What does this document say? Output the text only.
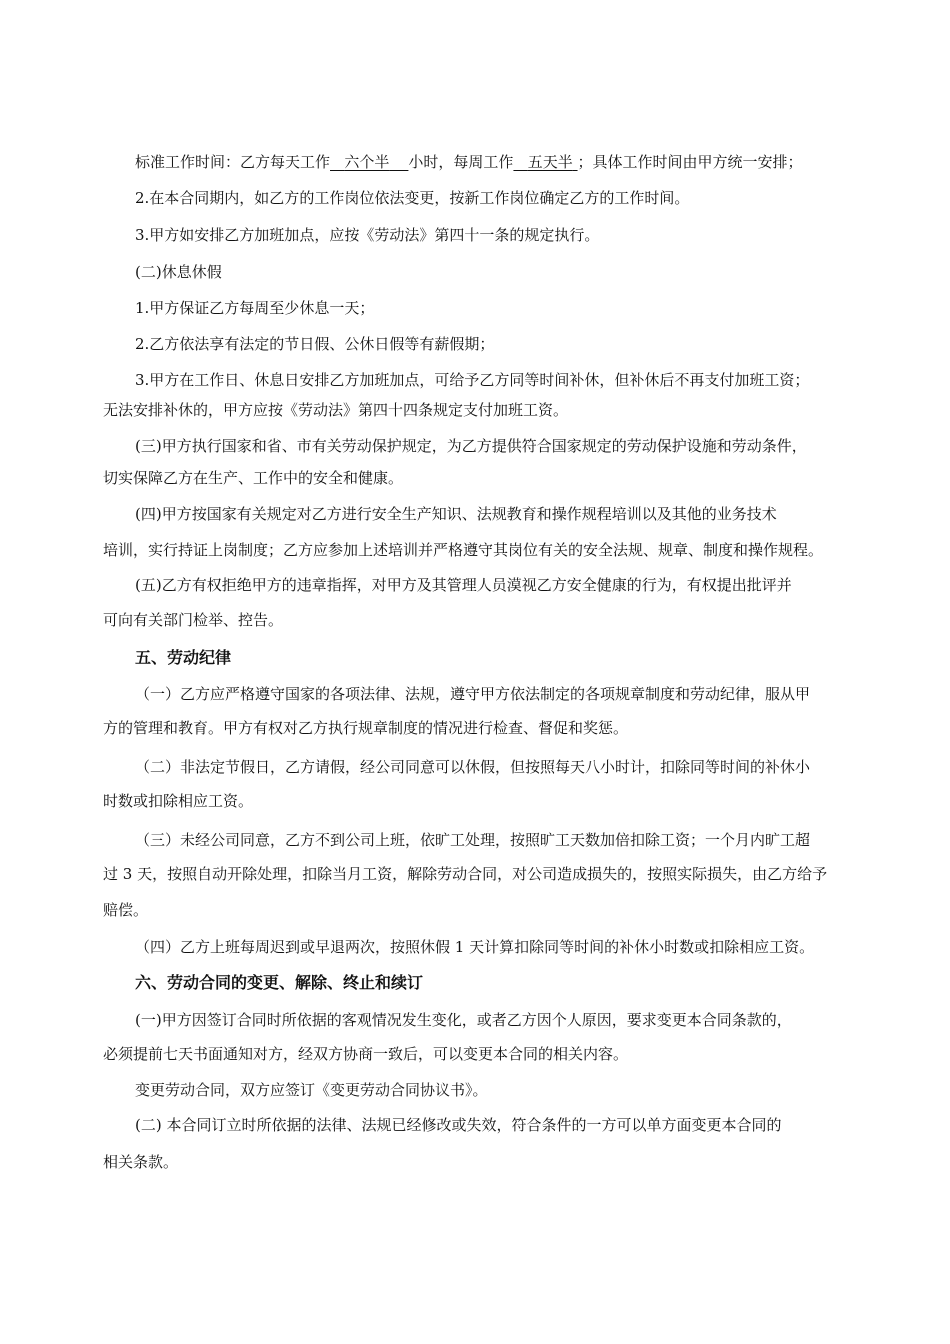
标准工作时间：乙方每天工作 六个半 小时，每周工作 五天半 ；具体工作时间由甲方统一安排；
2.在本合同期内，如乙方的工作岗位依法变更，按新工作岗位确定乙方的工作时间。
3.甲方如安排乙方加班加点，应按《劳动法》第四十一条的规定执行。
(二)休息休假
1.甲方保证乙方每周至少休息一天；
2.乙方依法享有法定的节日假、公休日假等有薪假期；
3.甲方在工作日、休息日安排乙方加班加点，可给予乙方同等时间补休，但补休后不再支付加班工资；
无法安排补休的，甲方应按《劳动法》第四十四条规定支付加班工资。
(三)甲方执行国家和省、市有关劳动保护规定，为乙方提供符合国家规定的劳动保护设施和劳动条件，
切实保障乙方在生产、工作中的安全和健康。
(四)甲方按国家有关规定对乙方进行安全生产知识、法规教育和操作规程培训以及其他的业务技术
培训，实行持证上岗制度；乙方应参加上述培训并严格遵守其岗位有关的安全法规、规章、制度和操作规程。
(五)乙方有权拒绝甲方的违章指挥，对甲方及其管理人员漠视乙方安全健康的行为，有权提出批评并
可向有关部门检举、控告。
五、劳动纪律
（一）乙方应严格遵守国家的各项法律、法规，遵守甲方依法制定的各项规章制度和劳动纪律，服从甲
方的管理和教育。甲方有权对乙方执行规章制度的情况进行检查、督促和奖惩。
（二）非法定节假日，乙方请假，经公司同意可以休假，但按照每天八小时计，扣除同等时间的补休小
时数或扣除相应工资。
（三）未经公司同意，乙方不到公司上班，依旷工处理，按照旷工天数加倍扣除工资；一个月内旷工超
过 3 天，按照自动开除处理，扣除当月工资，解除劳动合同，对公司造成损失的，按照实际损失，由乙方给予
赔偿。
（四）乙方上班每周迟到或早退两次，按照休假 1 天计算扣除同等时间的补休小时数或扣除相应工资。
六、劳动合同的变更、解除、终止和续订
(一)甲方因签订合同时所依据的客观情况发生变化，或者乙方因个人原因，要求变更本合同条款的，
必须提前七天书面通知对方，经双方协商一致后，可以变更本合同的相关内容。
变更劳动合同，双方应签订《变更劳动合同协议书》。
(二) 本合同订立时所依据的法律、法规已经修改或失效，符合条件的一方可以单方面变更本合同的
相关条款。
